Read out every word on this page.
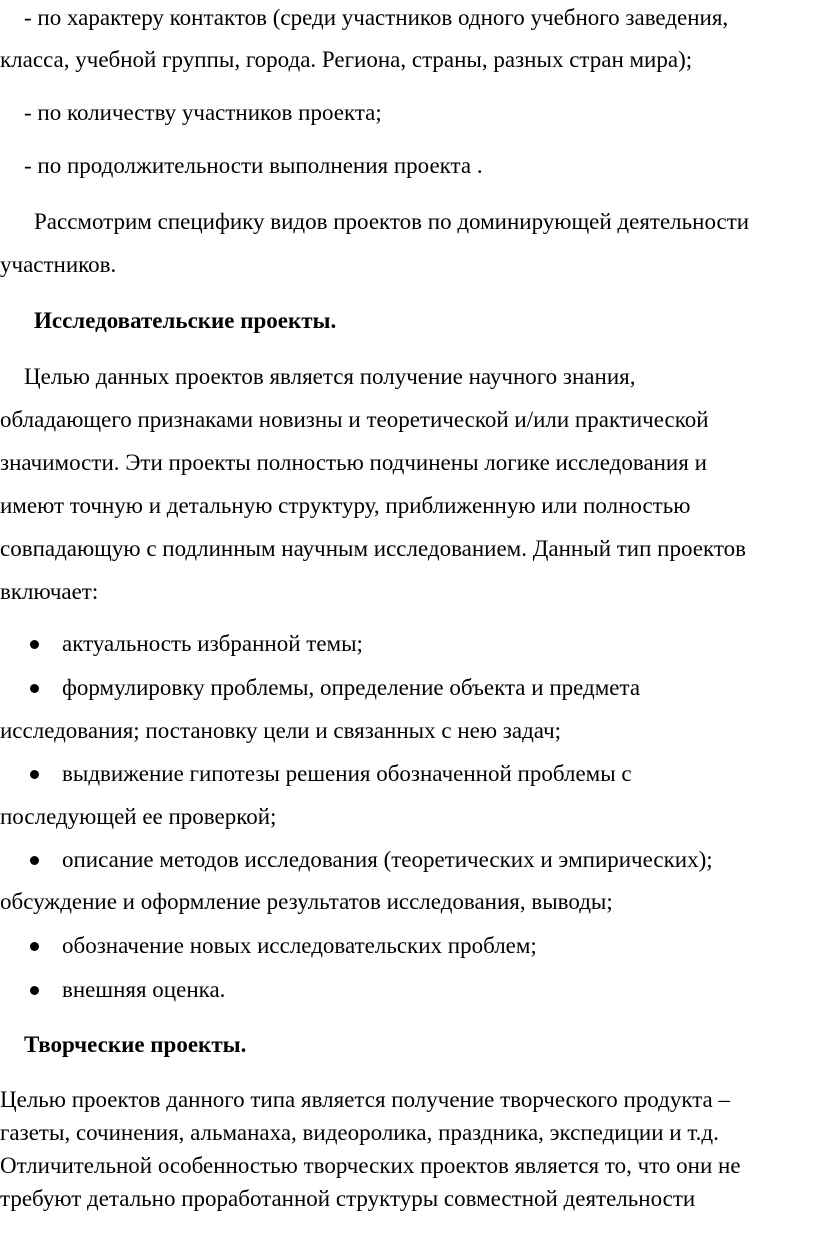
- по характеру контактов (среди участников одного учебного заведения,
класса, учебной группы, города. Региона, страны, разных стран мира);
- по количеству участников проекта;
- по продолжительности выполнения проекта .
Рассмотрим специфику видов проектов по доминирующей деятельности
участников.
Исследовательские проекты.
Целью данных проектов является получение научного знания,
обладающего признаками новизны и теоретической и/или практической
значимости. Эти проекты полностью подчинены логике исследования и
имеют точную и детальную структуру, приближенную или полностью
совпадающую с подлинным научным исследованием. Данный тип проектов
включает:
актуальность избранной темы;
формулировку проблемы, определение объекта и предмета
исследования; постановку цели и связанных с нею задач;
выдвижение гипотезы решения обозначенной проблемы с
последующей ее проверкой;
описание методов исследования (теоретических и эмпирических);
обсуждение и оформление результатов исследования, выводы;
обозначение новых исследовательских проблем;
внешняя оценка.
Творческие проекты.
Целью проектов данного типа является получение творческого продукта –
газеты, сочинения, альманаха, видеоролика, праздника, экспедиции и т.д.
Отличительной особенностью творческих проектов является то, что они не
требуют детально проработанной структуры совместной деятельности
